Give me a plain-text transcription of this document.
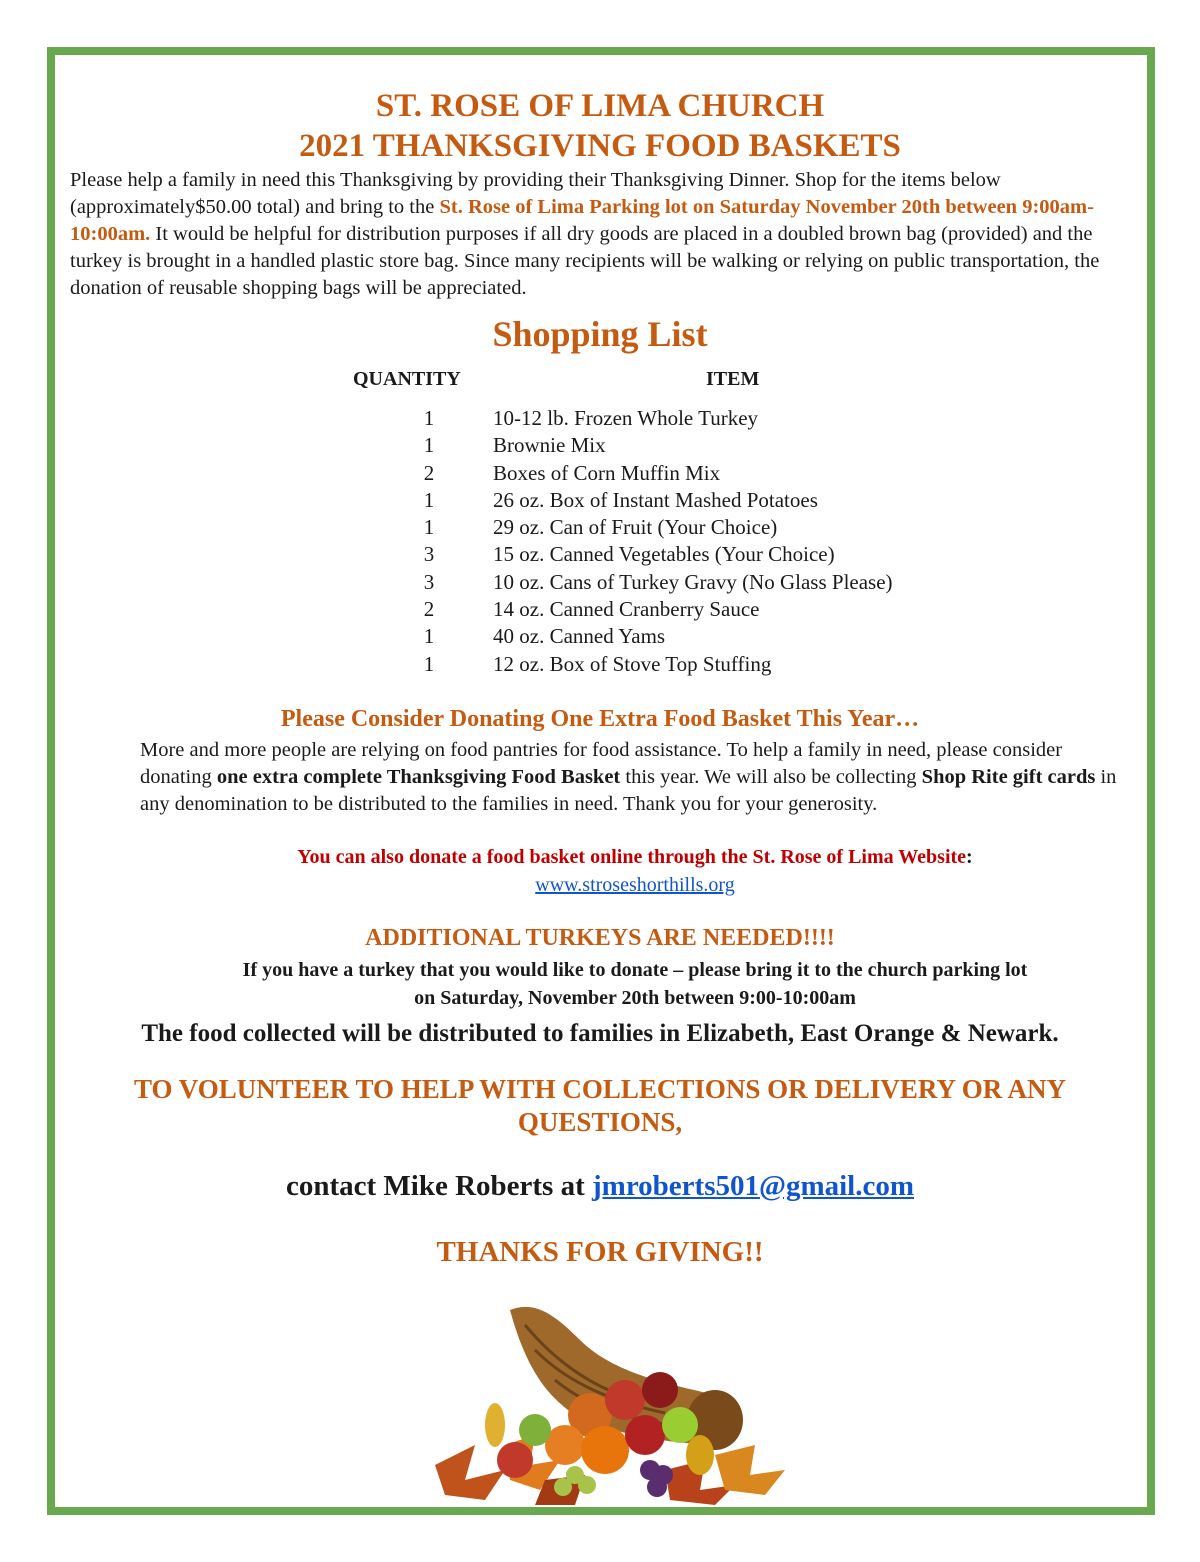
ST. ROSE OF LIMA CHURCH
2021 THANKSGIVING FOOD BASKETS

Please help a family in need this Thanksgiving by providing their Thanksgiving Dinner. Shop for the items below (approximately$50.00 total) and bring to the St. Rose of Lima Parking lot on Saturday November 20th between 9:00am-10:00am. It would be helpful for distribution purposes if all dry goods are placed in a doubled brown bag (provided) and the turkey is brought in a handled plastic store bag. Since many recipients will be walking or relying on public transportation, the donation of reusable shopping bags will be appreciated.

Shopping List
QUANTITY	ITEM
1	10-12 lb. Frozen Whole Turkey
1	Brownie Mix
2	Boxes of Corn Muffin Mix
1	26 oz. Box of Instant Mashed Potatoes
1	29 oz. Can of Fruit (Your Choice)
3	15 oz. Canned Vegetables (Your Choice)
3	10 oz. Cans of Turkey Gravy (No Glass Please)
2	14 oz. Canned Cranberry Sauce
1	40 oz. Canned Yams
1	12 oz. Box of Stove Top Stuffing
Please Consider Donating One Extra Food Basket This Year…

More and more people are relying on food pantries for food assistance. To help a family in need, please consider donating one extra complete Thanksgiving Food Basket this year. We will also be collecting Shop Rite gift cards in any denomination to be distributed to the families in need. Thank you for your generosity.

You can also donate a food basket online through the St. Rose of Lima Website:
www.stroseshorthills.org
ADDITIONAL TURKEYS ARE NEEDED!!!!

If you have a turkey that you would like to donate – please bring it to the church parking lot
on Saturday, November 20th between 9:00-10:00am

The food collected will be distributed to families in Elizabeth, East Orange & Newark.

TO VOLUNTEER TO HELP WITH COLLECTIONS OR DELIVERY OR ANY
QUESTIONS,

contact Mike Roberts at jmroberts501@gmail.com
THANKS FOR GIVING!!
